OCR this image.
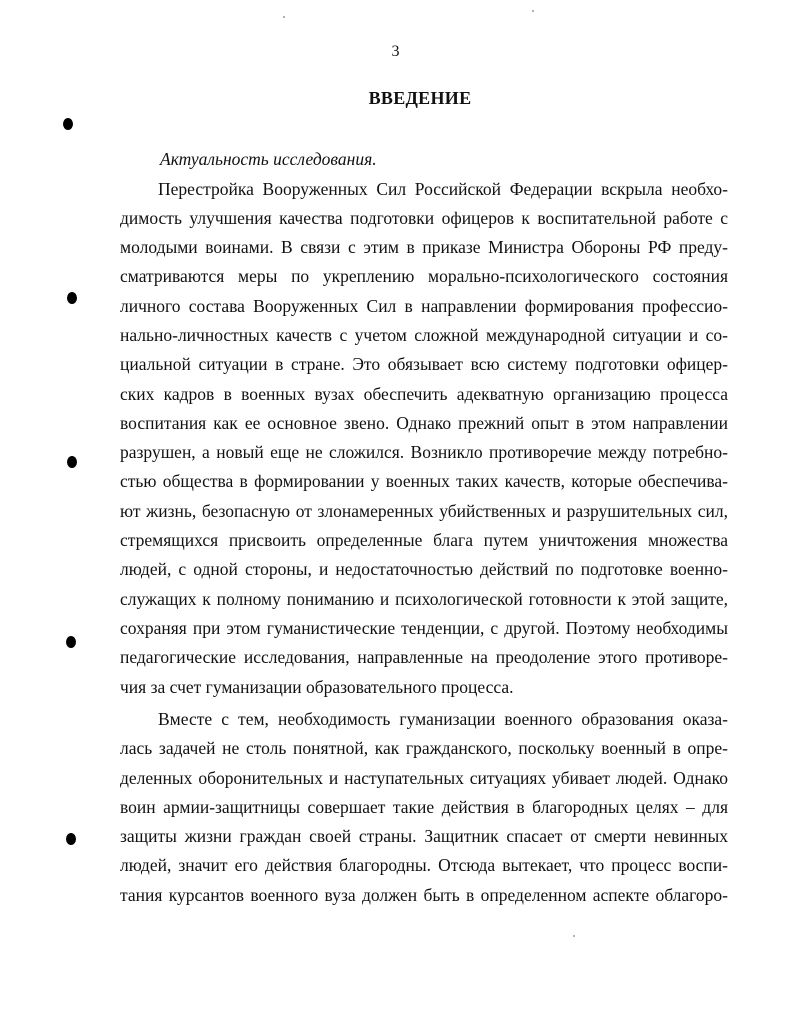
3
ВВЕДЕНИЕ
Актуальность исследования.
Перестройка Вооруженных Сил Российской Федерации вскрыла необхо-
димость улучшения качества подготовки офицеров к воспитательной работе с
молодыми воинами. В связи с этим в приказе Министра Обороны РФ преду-
сматриваются меры по укреплению морально-психологического состояния
личного состава Вооруженных Сил в направлении формирования профессио-
нально-личностных качеств с учетом сложной международной ситуации и со-
циальной ситуации в стране. Это обязывает всю систему подготовки офицер-
ских кадров в военных вузах обеспечить адекватную организацию процесса
воспитания как ее основное звено. Однако прежний опыт в этом направлении
разрушен, а новый еще не сложился. Возникло противоречие между потребно-
стью общества в формировании у военных таких качеств, которые обеспечива-
ют жизнь, безопасную от злонамеренных убийственных и разрушительных сил,
стремящихся присвоить определенные блага путем уничтожения множества
людей, с одной стороны, и недостаточностью действий по подготовке военно-
служащих к полному пониманию и психологической готовности к этой защите,
сохраняя при этом гуманистические тенденции, с другой. Поэтому необходимы
педагогические исследования, направленные на преодоление этого противоре-
чия за счет гуманизации образовательного процесса.
Вместе с тем, необходимость гуманизации военного образования оказа-
лась задачей не столь понятной, как гражданского, поскольку военный в опре-
деленных оборонительных и наступательных ситуациях убивает людей. Однако
воин армии-защитницы совершает такие действия в благородных целях – для
защиты жизни граждан своей страны. Защитник спасает от смерти невинных
людей, значит его действия благородны. Отсюда вытекает, что процесс воспи-
тания курсантов военного вуза должен быть в определенном аспекте облагоро-
